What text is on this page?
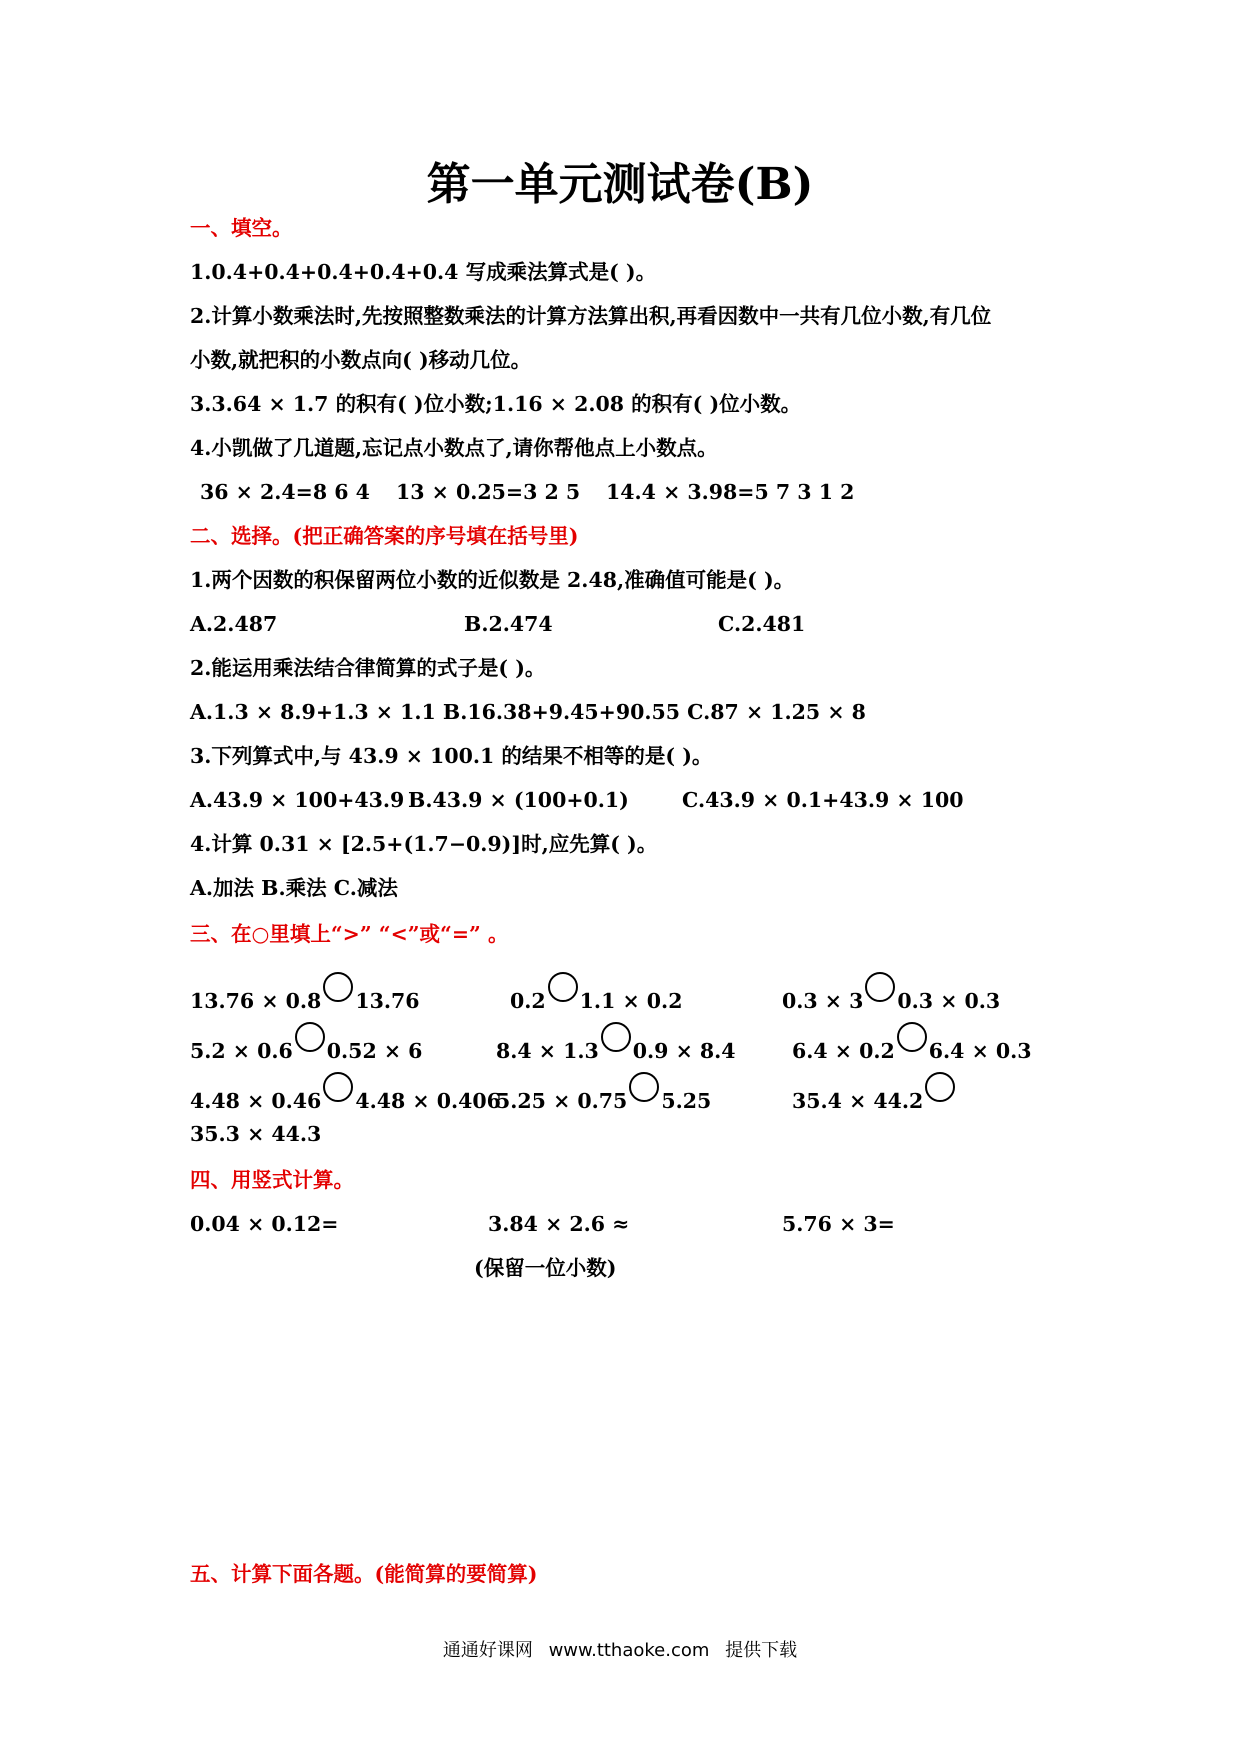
第一单元测试卷(B)
一、填空。
1.0.4+0.4+0.4+0.4+0.4 写成乘法算式是( )。
2.计算小数乘法时,先按照整数乘法的计算方法算出积,再看因数中一共有几位小数,有几位
小数,就把积的小数点向( )移动几位。
3.3.64 × 1.7 的积有( )位小数;1.16 × 2.08 的积有( )位小数。
4.小凯做了几道题,忘记点小数点了,请你帮他点上小数点。
36 × 2.4=8 6 4 13 × 0.25=3 2 5 14.4 × 3.98=5 7 3 1 2
二、选择。(把正确答案的序号填在括号里)
1.两个因数的积保留两位小数的近似数是 2.48,准确值可能是( )。
A.2.487	B.2.474	C.2.481
2.能运用乘法结合律简算的式子是( )。
A.1.3 × 8.9+1.3 × 1.1 B.16.38+9.45+90.55 C.87 × 1.25 × 8
3.下列算式中,与 43.9 × 100.1 的结果不相等的是( )。
A.43.9 × 100+43.9 B.43.9 × (100+0.1)	C.43.9 × 0.1+43.9 × 100
4.计算 0.31 × [2.5+(1.7−0.9)]时,应先算( )。
A.加法 B.乘法 C.减法
三、在○里填上“>” “<”或“=” 。
13.76 × 0.8 13.76	0.2 1.1 × 0.2	0.3 × 3 0.3 × 0.3
5.2 × 0.6 0.52 × 6	8.4 × 1.3 0.9 × 8.4	6.4 × 0.2 6.4 × 0.3
4.48 × 0.46 4.48 × 0.406
5.25 × 0.75 5.25	35.4 × 44.2
35.3 × 44.3
四、用竖式计算。
0.04 × 0.12=	3.84 × 2.6 ≈	5.76 × 3=
(保留一位小数)
五、计算下面各题。(能简算的要简算)
通通好课网 www.tthaoke.com 提供下载
